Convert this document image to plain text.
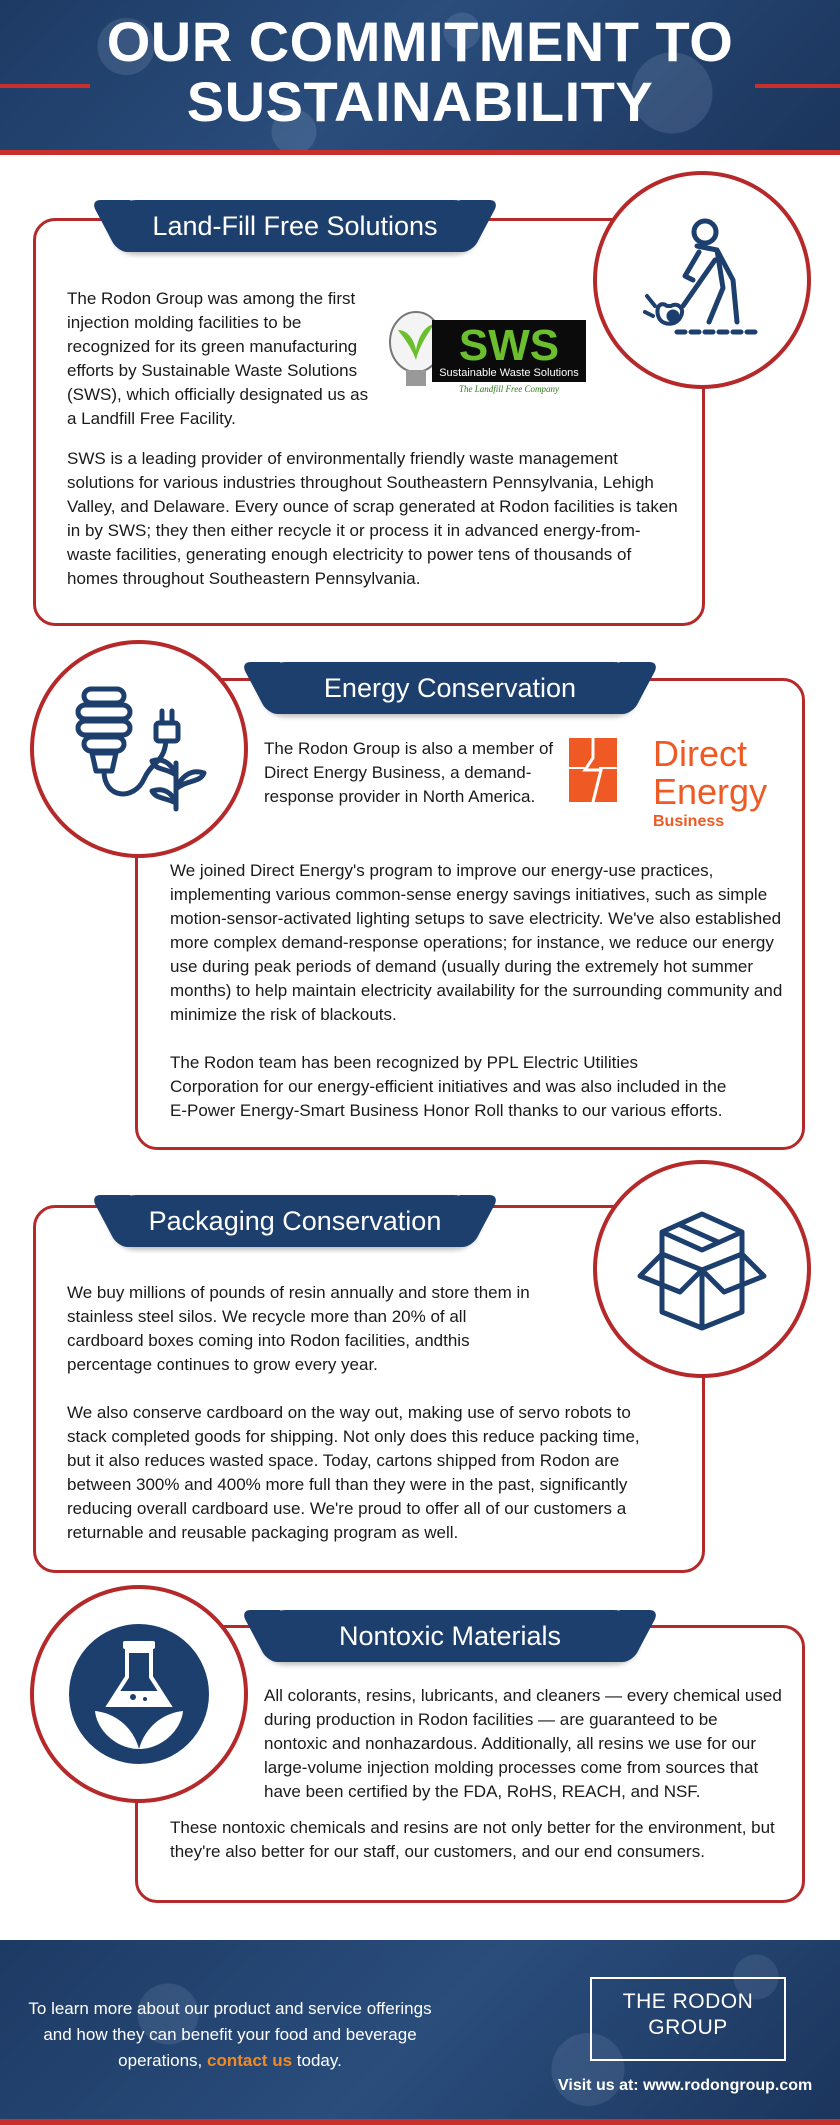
OUR COMMITMENT TO
SUSTAINABILITY
Land-Fill Free Solutions
The Rodon Group was among the first injection molding facilities to be recognized for its green manufacturing efforts by Sustainable Waste Solutions (SWS), which officially designated us as a Landfill Free Facility.
SWS
Sustainable Waste Solutions
The Landfill Free Company
SWS is a leading provider of environmentally friendly waste management solutions for various industries throughout Southeastern Pennsylvania, Lehigh Valley, and Delaware. Every ounce of scrap generated at Rodon facilities is taken in by SWS; they then either recycle it or process it in advanced energy-from-waste facilities, generating enough electricity to power tens of thousands of homes throughout Southeastern Pennsylvania.
Energy Conservation
The Rodon Group is also a member of Direct Energy Business, a demand-response provider in North America.
Direct
Energy
Business
We joined Direct Energy's program to improve our energy-use practices, implementing various common-sense energy savings initiatives, such as simple motion-sensor-activated lighting setups to save electricity. We've also established more complex demand-response operations; for instance, we reduce our energy use during peak periods of demand (usually during the extremely hot summer months) to help maintain electricity availability for the surrounding community and minimize the risk of blackouts.
The Rodon team has been recognized by PPL Electric Utilities Corporation for our energy-efficient initiatives and was also included in the E-Power Energy-Smart Business Honor Roll thanks to our various efforts.
Packaging Conservation
We buy millions of pounds of resin annually and store them in stainless steel silos. We recycle more than 20% of all cardboard boxes coming into Rodon facilities, andthis percentage continues to grow every year.
We also conserve cardboard on the way out, making use of servo robots to stack completed goods for shipping. Not only does this reduce packing time, but it also reduces wasted space. Today, cartons shipped from Rodon are between 300% and 400% more full than they were in the past, significantly reducing overall cardboard use. We're proud to offer all of our customers a returnable and reusable packaging program as well.
Nontoxic Materials
All colorants, resins, lubricants, and cleaners — every chemical used during production in Rodon facilities — are guaranteed to be nontoxic and nonhazardous. Additionally, all resins we use for our large-volume injection molding processes come from sources that have been certified by the FDA, RoHS, REACH, and NSF.
These nontoxic chemicals and resins are not only better for the environment, but they're also better for our staff, our customers, and our end consumers.
To learn more about our product and service offerings
and how they can benefit your food and beverage
operations, contact us today.
THE RODON
GROUP
Visit us at: www.rodongroup.com
